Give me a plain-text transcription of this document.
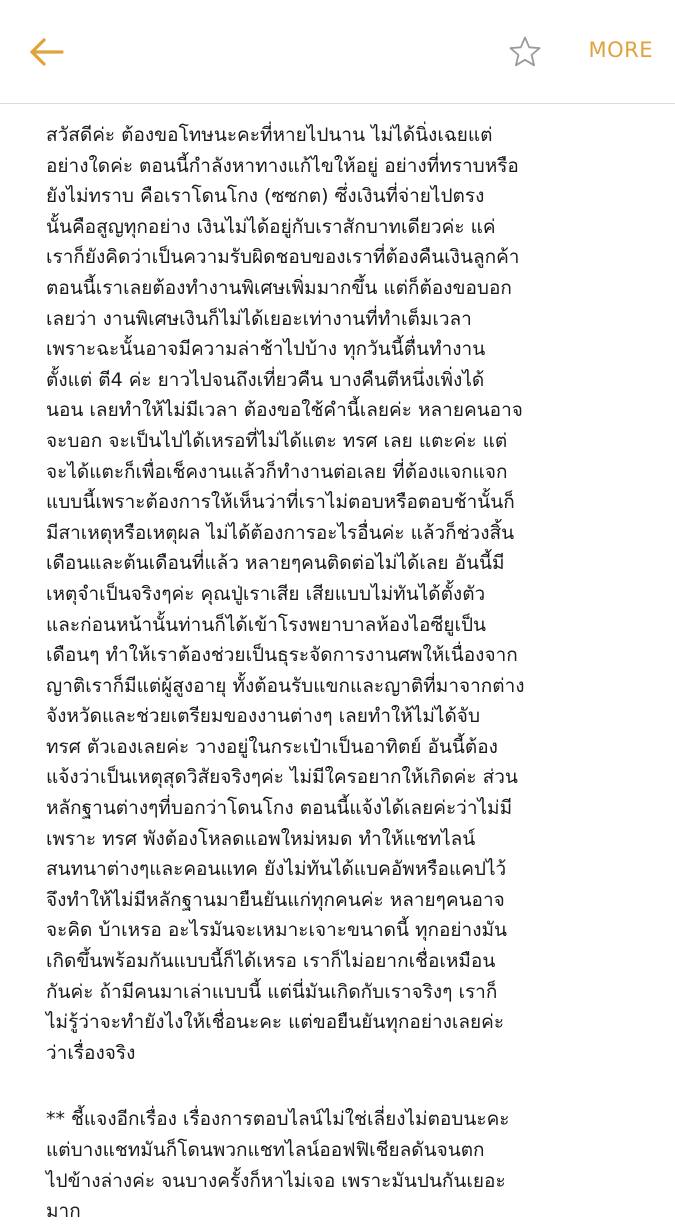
MORE

สวัสดีค่ะ ต้องขอโทษนะคะที่หายไปนาน ไม่ได้นิ่งเฉยแต่
อย่างใดค่ะ ตอนนี้กำลังหาทางแก้ไขให้อยู่ อย่างที่ทราบหรือ
ยังไม่ทราบ คือเราโดนโกง (ซซกต) ซึ่งเงินที่จ่ายไปตรง
นั้นคือสูญทุกอย่าง เงินไม่ได้อยู่กับเราสักบาทเดียวค่ะ แค่
เราก็ยังคิดว่าเป็นความรับผิดชอบของเราที่ต้องคืนเงินลูกค้า
ตอนนี้เราเลยต้องทำงานพิเศษเพิ่มมากขึ้น แต่ก็ต้องขอบอก
เลยว่า งานพิเศษเงินก็ไม่ได้เยอะเท่างานที่ทำเต็มเวลา
เพราะฉะนั้นอาจมีความล่าช้าไปบ้าง ทุกวันนี้ตื่นทำงาน
ตั้งแต่ ตี4 ค่ะ ยาวไปจนถึงเที่ยวคืน บางคืนตีหนึ่งเพิ่งได้
นอน เลยทำให้ไม่มีเวลา ต้องขอใช้คำนี้เลยค่ะ หลายคนอาจ
จะบอก จะเป็นไปได้เหรอที่ไม่ได้แตะ ทรศ เลย แตะค่ะ แต่
จะได้แตะก็เพื่อเช็คงานแล้วก็ทำงานต่อเลย ที่ต้องแจกแจก
แบบนี้เพราะต้องการให้เห็นว่าที่เราไม่ตอบหรือตอบช้านั้นก็
มีสาเหตุหรือเหตุผล ไม่ได้ต้องการอะไรอื่นค่ะ แล้วก็ช่วงสิ้น
เดือนและต้นเดือนที่แล้ว หลายๆคนติดต่อไม่ได้เลย อันนี้มี
เหตุจำเป็นจริงๆค่ะ คุณปู่เราเสีย เสียแบบไม่ทันได้ตั้งตัว
และก่อนหน้านั้นท่านก็ได้เข้าโรงพยาบาลห้องไอซียูเป็น
เดือนๆ ทำให้เราต้องช่วยเป็นธุระจัดการงานศพให้เนื่องจาก
ญาติเราก็มีแต่ผู้สูงอายุ ทั้งต้อนรับแขกและญาติที่มาจากต่าง
จังหวัดและช่วยเตรียมของงานต่างๆ เลยทำให้ไม่ได้จับ
ทรศ ตัวเองเลยค่ะ วางอยู่ในกระเป๋าเป็นอาทิตย์ อันนี้ต้อง
แจ้งว่าเป็นเหตุสุดวิสัยจริงๆค่ะ ไม่มีใครอยากให้เกิดค่ะ ส่วน
หลักฐานต่างๆที่บอกว่าโดนโกง ตอนนี้แจ้งได้เลยค่ะว่าไม่มี
เพราะ ทรศ พังต้องโหลดแอพใหม่หมด ทำให้แชทไลน์
สนทนาต่างๆและคอนแทค ยังไม่ทันได้แบคอัพหรือแคปไว้
จึงทำให้ไม่มีหลักฐานมายืนยันแก่ทุกคนค่ะ หลายๆคนอาจ
จะคิด บ้าเหรอ อะไรมันจะเหมาะเจาะขนาดนี้ ทุกอย่างมัน
เกิดขึ้นพร้อมกันแบบนี้ก็ได้เหรอ เราก็ไม่อยากเชื่อเหมือน
กันค่ะ ถ้ามีคนมาเล่าแบบนี้ แต่นี่มันเกิดกับเราจริงๆ เราก็
ไม่รู้ว่าจะทำยังไงให้เชื่อนะคะ แต่ขอยืนยันทุกอย่างเลยค่ะ
ว่าเรื่องจริง

** ชี้แจงอีกเรื่อง เรื่องการตอบไลน์ไม่ใช่เลี่ยงไม่ตอบนะคะ
แต่บางแชทมันก็โดนพวกแชทไลน์ออฟฟิเชียลดันจนตก
ไปข้างล่างค่ะ จนบางครั้งก็หาไม่เจอ เพราะมันปนกันเยอะ
มาก
